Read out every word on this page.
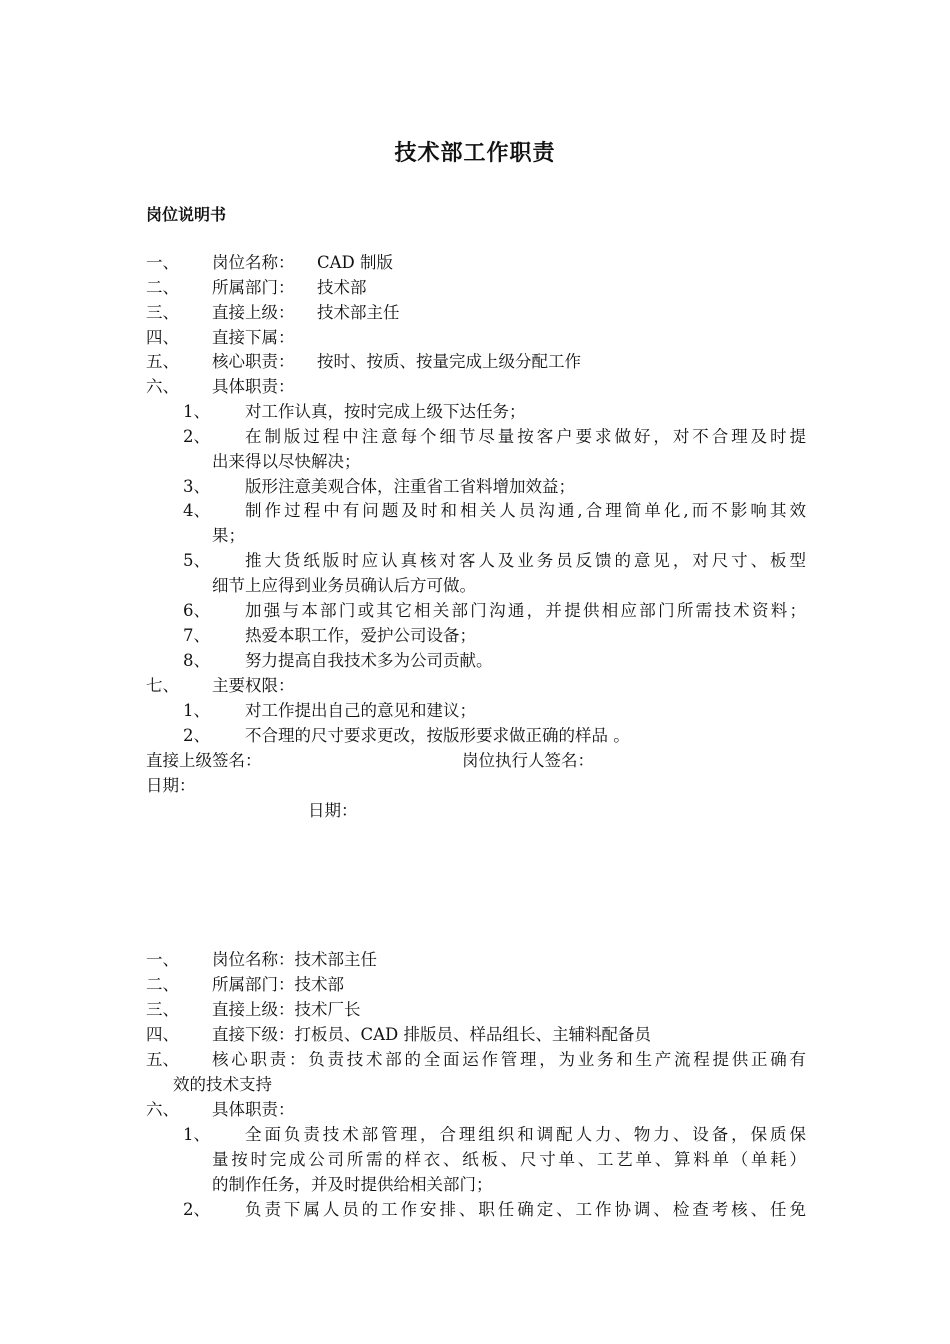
技术部工作职责
岗位说明书
一、 岗位名称： CAD 制版
二、 所属部门： 技术部
三、 直接上级： 技术部主任
四、 直接下属：
五、 核心职责： 按时、按质、按量完成上级分配工作
六、 具体职责：
1、 对工作认真，按时完成上级下达任务；
2、 在制版过程中注意每个细节尽量按客户要求做好，对不合理及时提
出来得以尽快解决；
3、 版形注意美观合体，注重省工省料增加效益；
4、 制作过程中有问题及时和相关人员沟通,合理简单化,而不影响其效
果；
5、 推大货纸版时应认真核对客人及业务员反馈的意见，对尺寸、板型
细节上应得到业务员确认后方可做。
6、 加强与本部门或其它相关部门沟通，并提供相应部门所需技术资料；
7、 热爱本职工作，爱护公司设备；
8、 努力提高自我技术多为公司贡献。
七、 主要权限：
1、 对工作提出自己的意见和建议；
2、 不合理的尺寸要求更改，按版形要求做正确的样品 。
直接上级签名：	岗位执行人签名：
日期：
日期：
一、 岗位名称：技术部主任
二、 所属部门：技术部
三、 直接上级：技术厂长
四、 直接下级：打板员、CAD 排版员、样品组长、主辅料配备员
五、 核心职责：负责技术部的全面运作管理，为业务和生产流程提供正确有
效的技术支持
六、 具体职责：
1、 全面负责技术部管理，合理组织和调配人力、物力、设备，保质保
量按时完成公司所需的样衣、纸板、尺寸单、工艺单、算料单（单耗）
的制作任务，并及时提供给相关部门；
2、 负责下属人员的工作安排、职任确定、工作协调、检查考核、任免
